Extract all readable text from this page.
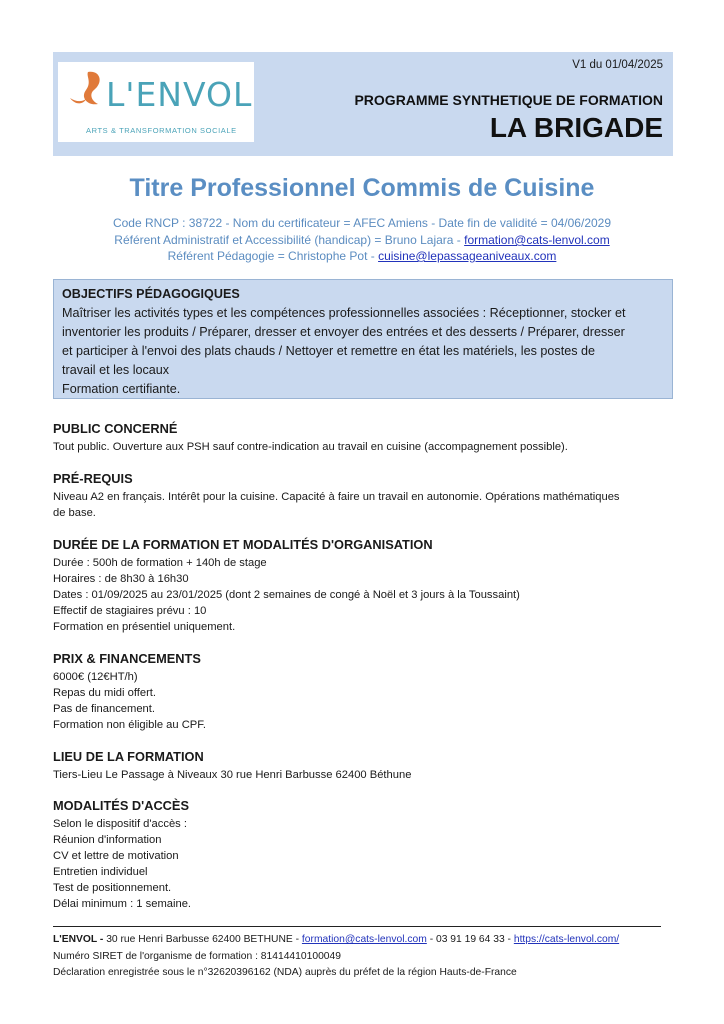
L'ENVOL
ARTS & TRANSFORMATION SOCIALE
V1 du 01/04/2025
PROGRAMME SYNTHETIQUE DE FORMATION
LA BRIGADE
Titre Professionnel Commis de Cuisine
Code RNCP : 38722 - Nom du certificateur = AFEC Amiens - Date fin de validité = 04/06/2029
Référent Administratif et Accessibilité (handicap) = Bruno Lajara - formation@cats-lenvol.com
Référent Pédagogie = Christophe Pot - cuisine@lepassageaniveaux.com
OBJECTIFS PÉDAGOGIQUES
Maîtriser les activités types et les compétences professionnelles associées : Réceptionner, stocker et
inventorier les produits / Préparer, dresser et envoyer des entrées et des desserts / Préparer, dresser
et participer à l'envoi des plats chauds / Nettoyer et remettre en état les matériels, les postes de
travail et les locaux
Formation certifiante.
PUBLIC CONCERNÉ
Tout public. Ouverture aux PSH sauf contre-indication au travail en cuisine (accompagnement possible).
PRÉ-REQUIS
Niveau A2 en français. Intérêt pour la cuisine. Capacité à faire un travail en autonomie. Opérations mathématiques
de base.
DURÉE DE LA FORMATION ET MODALITÉS D'ORGANISATION
Durée : 500h de formation + 140h de stage
Horaires : de 8h30 à 16h30
Dates : 01/09/2025 au 23/01/2025 (dont 2 semaines de congé à Noël et 3 jours à la Toussaint)
Effectif de stagiaires prévu : 10
Formation en présentiel uniquement.
PRIX & FINANCEMENTS
6000€ (12€HT/h)
Repas du midi offert.
Pas de financement.
Formation non éligible au CPF.
LIEU DE LA FORMATION
Tiers-Lieu Le Passage à Niveaux 30 rue Henri Barbusse 62400 Béthune
MODALITÉS D'ACCÈS
Selon le dispositif d'accès :
Réunion d'information
CV et lettre de motivation
Entretien individuel
Test de positionnement.
Délai minimum : 1 semaine.
L'ENVOL - 30 rue Henri Barbusse 62400 BETHUNE - formation@cats-lenvol.com - 03 91 19 64 33 - https://cats-lenvol.com/
Numéro SIRET de l'organisme de formation : 81414410100049
Déclaration enregistrée sous le n°32620396162 (NDA) auprès du préfet de la région Hauts-de-France
